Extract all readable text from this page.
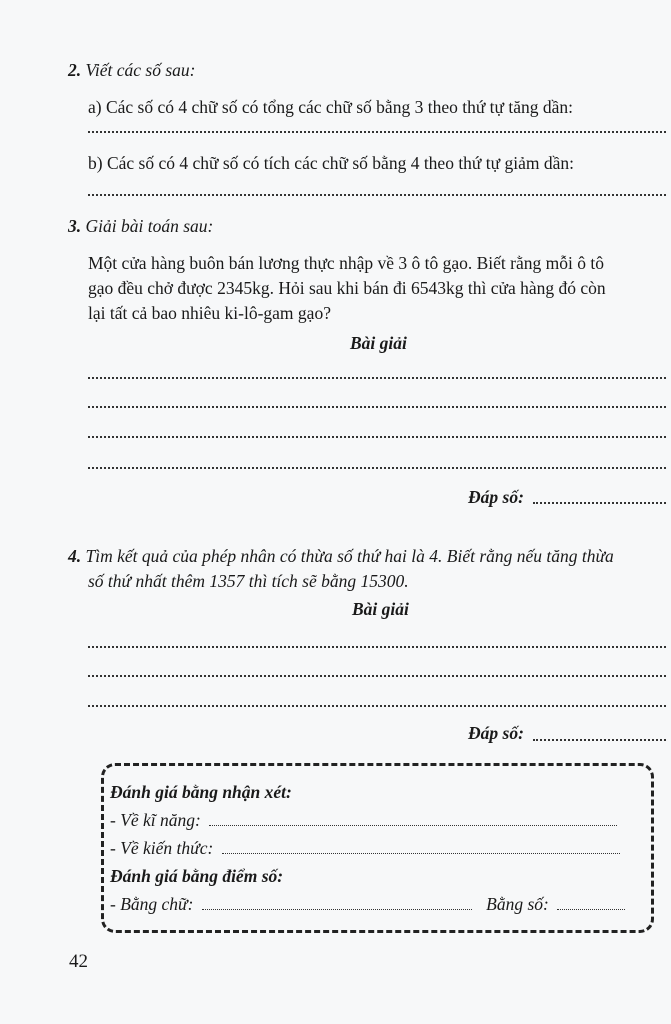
2. Viết các số sau:
a) Các số có 4 chữ số có tổng các chữ số bằng 3 theo thứ tự tăng dần:
b) Các số có 4 chữ số có tích các chữ số bằng 4 theo thứ tự giảm dần:
3. Giải bài toán sau:
Một cửa hàng buôn bán lương thực nhập về 3 ô tô gạo. Biết rằng mỗi ô tô
gạo đều chở được 2345kg. Hỏi sau khi bán đi 6543kg thì cửa hàng đó còn
lại tất cả bao nhiêu ki-lô-gam gạo?
Bài giải
Đáp số:
4. Tìm kết quả của phép nhân có thừa số thứ hai là 4. Biết rằng nếu tăng thừa
số thứ nhất thêm 1357 thì tích sẽ bằng 15300.
Bài giải
Đáp số:
Đánh giá bằng nhận xét:
- Về kĩ năng:
- Về kiến thức:
Đánh giá bằng điểm số:
- Bằng chữ:	Bằng số:
42
